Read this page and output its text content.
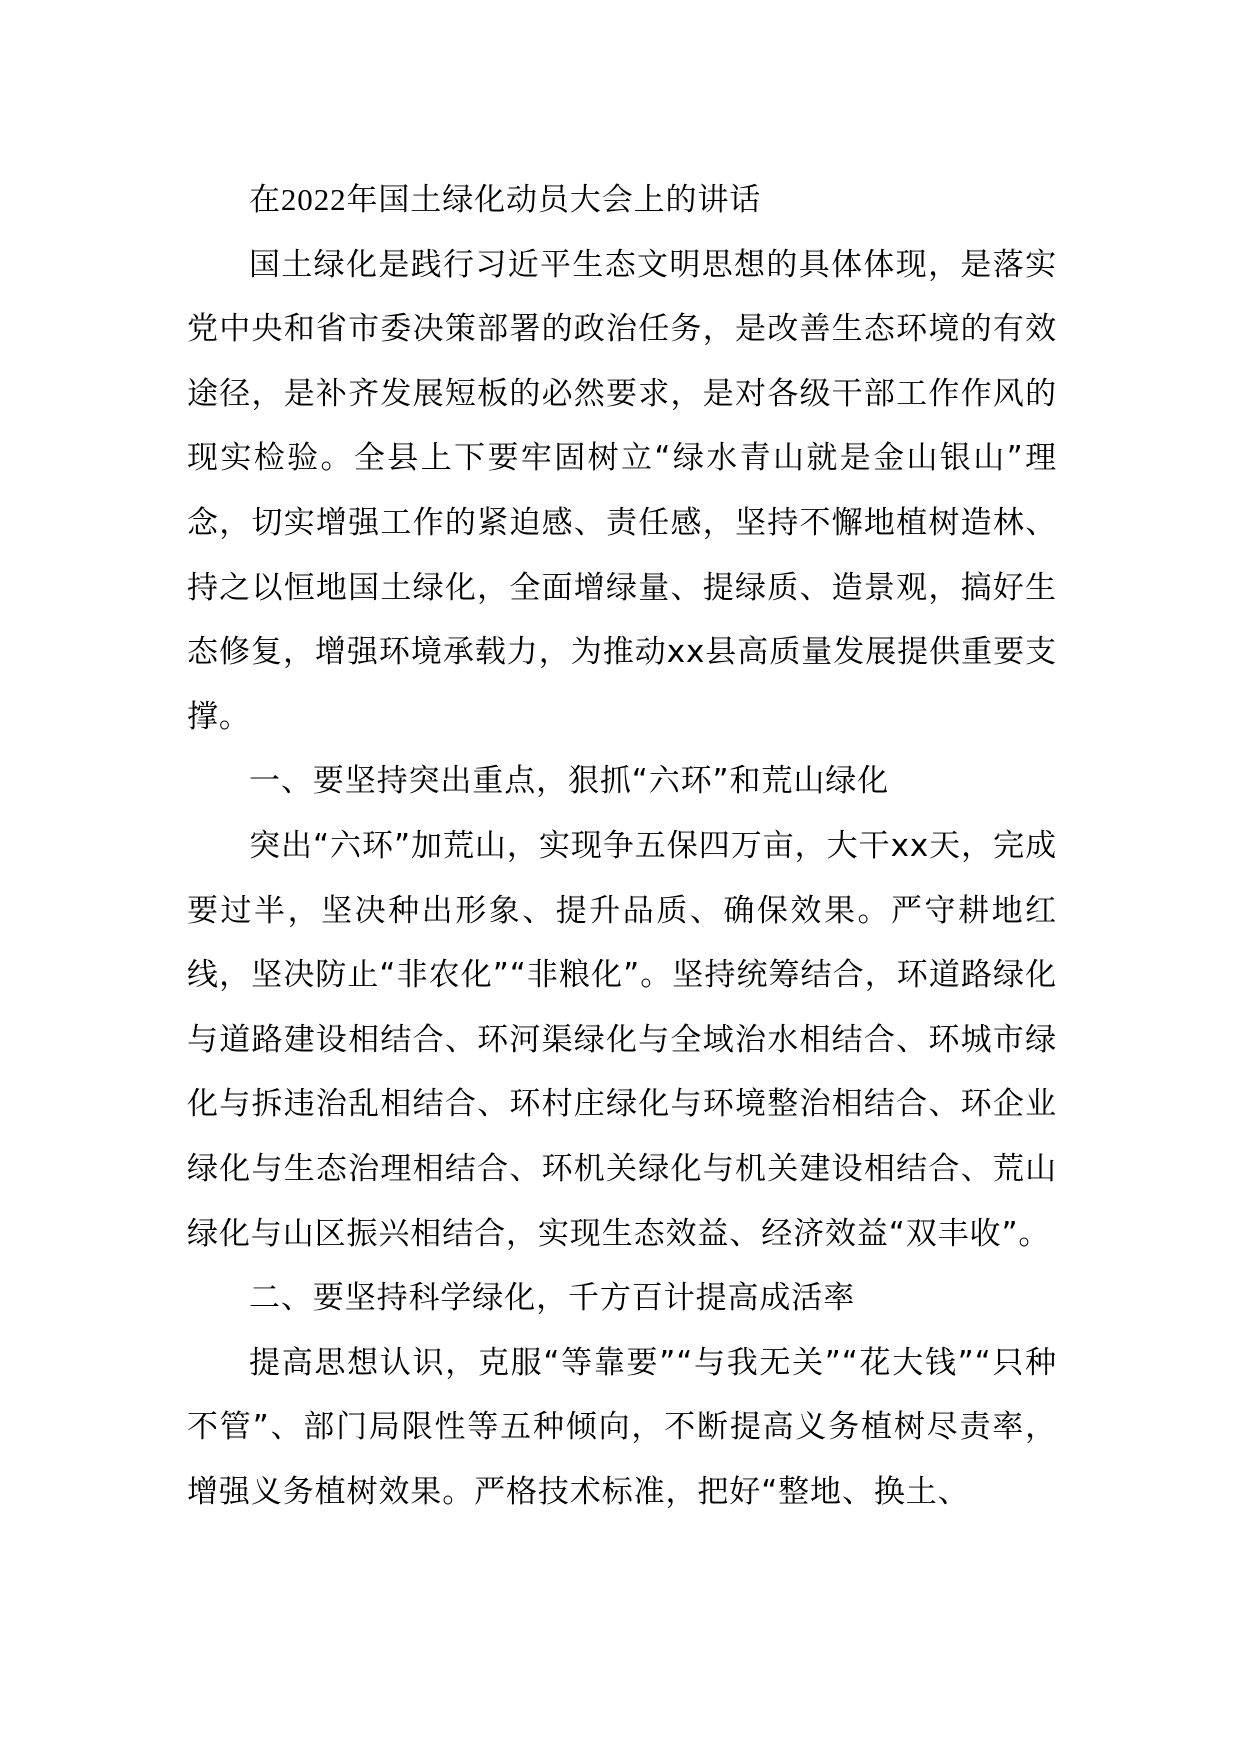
在2022年国土绿化动员大会上的讲话

国土绿化是践行习近平生态文明思想的具体体现，是落实党中央和省市委决策部署的政治任务，是改善生态环境的有效途径，是补齐发展短板的必然要求，是对各级干部工作作风的现实检验。全县上下要牢固树立“绿水青山就是金山银山”理念，切实增强工作的紧迫感、责任感，坚持不懈地植树造林、持之以恒地国土绿化，全面增绿量、提绿质、造景观，搞好生态修复，增强环境承载力，为推动xx县高质量发展提供重要支撑。

一、要坚持突出重点，狠抓“六环”和荒山绿化

突出“六环”加荒山，实现争五保四万亩，大干xx天，完成要过半，坚决种出形象、提升品质、确保效果。严守耕地红线，坚决防止“非农化”“非粮化”。坚持统筹结合，环道路绿化与道路建设相结合、环河渠绿化与全域治水相结合、环城市绿化与拆违治乱相结合、环村庄绿化与环境整治相结合、环企业绿化与生态治理相结合、环机关绿化与机关建设相结合、荒山绿化与山区振兴相结合，实现生态效益、经济效益“双丰收”。

二、要坚持科学绿化，千方百计提高成活率

提高思想认识，克服“等靠要”“与我无关”“花大钱”“只种不管”、部门局限性等五种倾向，不断提高义务植树尽责率，增强义务植树效果。严格技术标准，把好“整地、换土、
